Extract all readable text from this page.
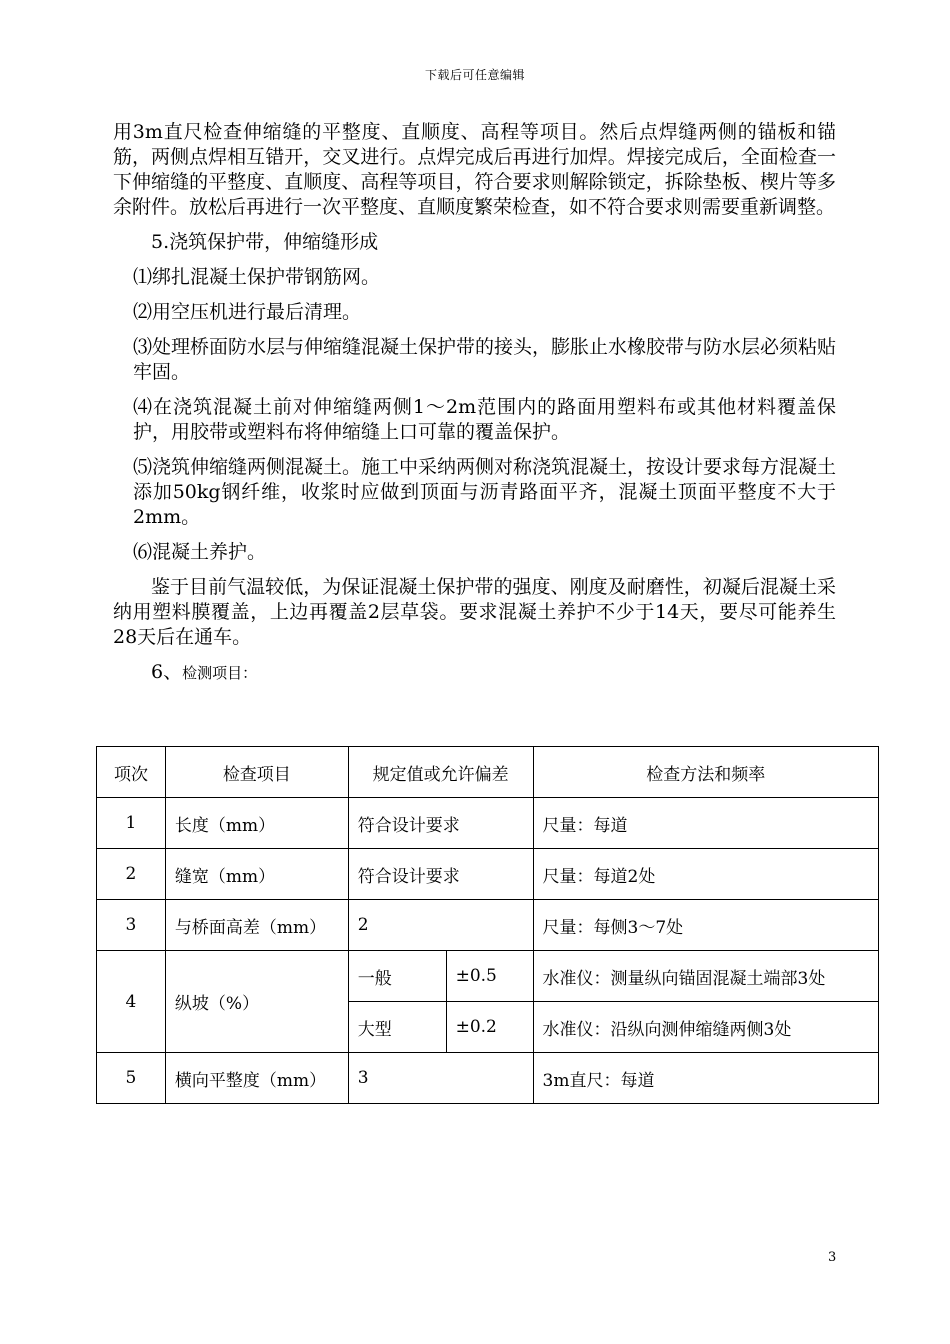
下载后可任意编辑

用3m直尺检查伸缩缝的平整度、直顺度、高程等项目。然后点焊缝两侧的锚板和锚筋，两侧点焊相互错开，交叉进行。点焊完成后再进行加焊。焊接完成后，全面检查一下伸缩缝的平整度、直顺度、高程等项目，符合要求则解除锁定，拆除垫板、楔片等多余附件。放松后再进行一次平整度、直顺度繁荣检查，如不符合要求则需要重新调整。

5.浇筑保护带，伸缩缝形成

⑴绑扎混凝土保护带钢筋网。

⑵用空压机进行最后清理。

⑶处理桥面防水层与伸缩缝混凝土保护带的接头，膨胀止水橡胶带与防水层必须粘贴牢固。

⑷在浇筑混凝土前对伸缩缝两侧1～2m范围内的路面用塑料布或其他材料覆盖保护，用胶带或塑料布将伸缩缝上口可靠的覆盖保护。

⑸浇筑伸缩缝两侧混凝土。施工中采纳两侧对称浇筑混凝土，按设计要求每方混凝土添加50kg钢纤维，收浆时应做到顶面与沥青路面平齐，混凝土顶面平整度不大于2mm。

⑹混凝土养护。

鉴于目前气温较低，为保证混凝土保护带的强度、刚度及耐磨性，初凝后混凝土采纳用塑料膜覆盖，上边再覆盖2层草袋。要求混凝土养护不少于14天，要尽可能养生28天后在通车。

6、检测项目：

项次	检查项目	规定值或允许偏差		检查方法和频率
1	长度（mm）	符合设计要求		尺量：每道
2	缝宽（mm）	符合设计要求		尺量：每道2处
3	与桥面高差（mm）	2		尺量：每侧3～7处
4	纵坡（%）	一般	±0.5	水准仪：测量纵向锚固混凝土端部3处
		大型	±0.2	水准仪：沿纵向测伸缩缝两侧3处
5	横向平整度（mm）	3		3m直尺：每道
3
